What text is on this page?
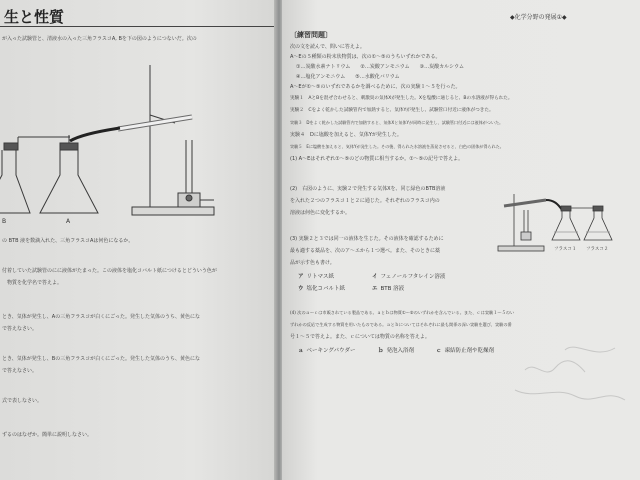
生と性質
が入った試験管と、清液水の入った三角フラスコA, Bを下の図のようにつないだ。次の
A
B
の BTB 液を数滴入れた、三角フラスコAは何色になるか。
付着していた試験管のにに液体がたまった。この液体を塩化コバルト紙につけるとどういう色が
　物質を化学名で答えよ。
とき、気体が発生し、Aの三角フラスコが白くにごった。発生した気体のうち、黄色にな
で答えなさい。
とき、気体が発生し、Bの三角フラスコが白くにごった。発生した気体のうち、黄色にな
で答えなさい。
式で表しなさい。
ずるのはなぜか。簡単に説明しなさい。
◆化学分野の発展①◆
〔練習問題〕
次の文を読んで、問いに答えよ。
A～Eの５種類の粉末状物質は、次の①～⑤のうちいずれかである。
①…炭酸水素ナトリウム　　②…炭酸アンモニウム　　③…炭酸カルシウム
④…塩化アンモニウム　　⑤…水酸化バリウム
A～Eが①～⑤のいずれであるかを調べるために、次の実験１～５を行った。
実験１　AとBを混ぜ合わせると、刺激臭の気体Xが発生した。Xを塩酸に通じると、Bの水溶液が得られた。
実験２　Cをよく乾かした試験管内で加熱すると、気体Yが発生し、試験管口付近に液体がつきた。
実験３　Dをよく乾かした試験管内で加熱すると、気体Xと気体Yが同時に発生し、試験管口付近には液体がついた。
実験４　Dに塩酸を加えると、気体Yが発生した。
実験５　Eに塩酸を加えると、気体Yが発生した。その後、得られた水溶液を蒸発させると、白色の固体が得られた。
(1) A～Eはそれぞれ①～⑤のどの物質に相当するか。①～⑤の記号で答えよ。
(2)　右図のように、実験２で発生する気体Xを、同じ緑色のBTB溶液
を入れた２つのフラスコ１と２に通じた。それぞれのフラスコ内の
溶液は何色に変化するか。
フラスコ１ フラスコ２
(3) 実験２と３では同一の液体を生じた。その液体を確認するために
最も適する薬品を、次のア～エから１つ選べ。また、そのときに薬
品が示す色も書け。
ア リトマス紙	イ フェノールフタレイン溶液
ウ 塩化コバルト紙	エ BTB 溶液
(4) 次のａ～ｃは市販されている製品である。ａとｂは物質①～⑤のいずれかを含んでいる。また、ｃは実験１～５のい
ずれかの反応で生成する物質を用いたものである。ａとｂについてはそれぞれに最も関係の深い実験を選び、実験の番
号１～５で答えよ。また、ｃについては物質の名称を答えよ。
ａ ベーキングパウダー	ｂ 発泡入浴剤	ｃ 凍結防止剤や乾燥剤
